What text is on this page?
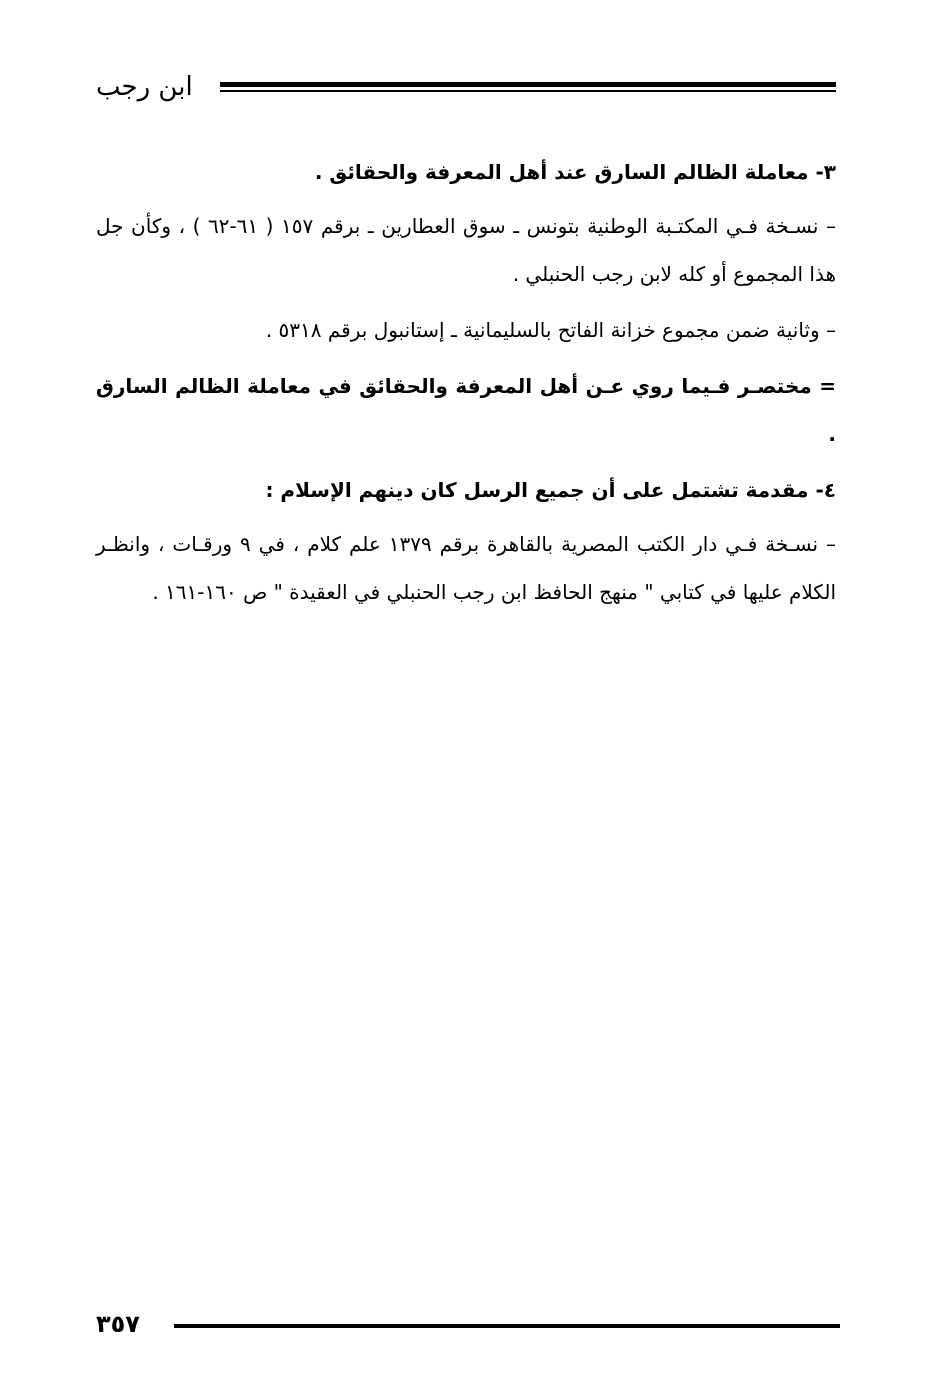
ابن رجب

٣- معاملة الظالم السارق عند أهل المعرفة والحقائق .

– نسـخة فـي المكتـبة الوطنية بتونس ـ سوق العطارين ـ برقم ١٥٧ ( ٦١-٦٢ ) ، وكأن جل هذا المجموع أو كله لابن رجب الحنبلي .

– وثانية ضمن مجموع خزانة الفاتح بالسليمانية ـ إستانبول برقم ٥٣١٨ .

= مختصـر فـيما روي عـن أهل المعرفة والحقائق في معاملة الظالم السارق .

٤- مقدمة تشتمل على أن جميع الرسل كان دينهم الإسلام :

– نسـخة فـي دار الكتب المصرية بالقاهرة برقم ١٣٧٩ علم كلام ، في ٩ ورقـات ، وانظـر الكلام عليها في كتابي " منهج الحافظ ابن رجب الحنبلي في العقيدة " ص ١٦٠-١٦١ .

٣٥٧
